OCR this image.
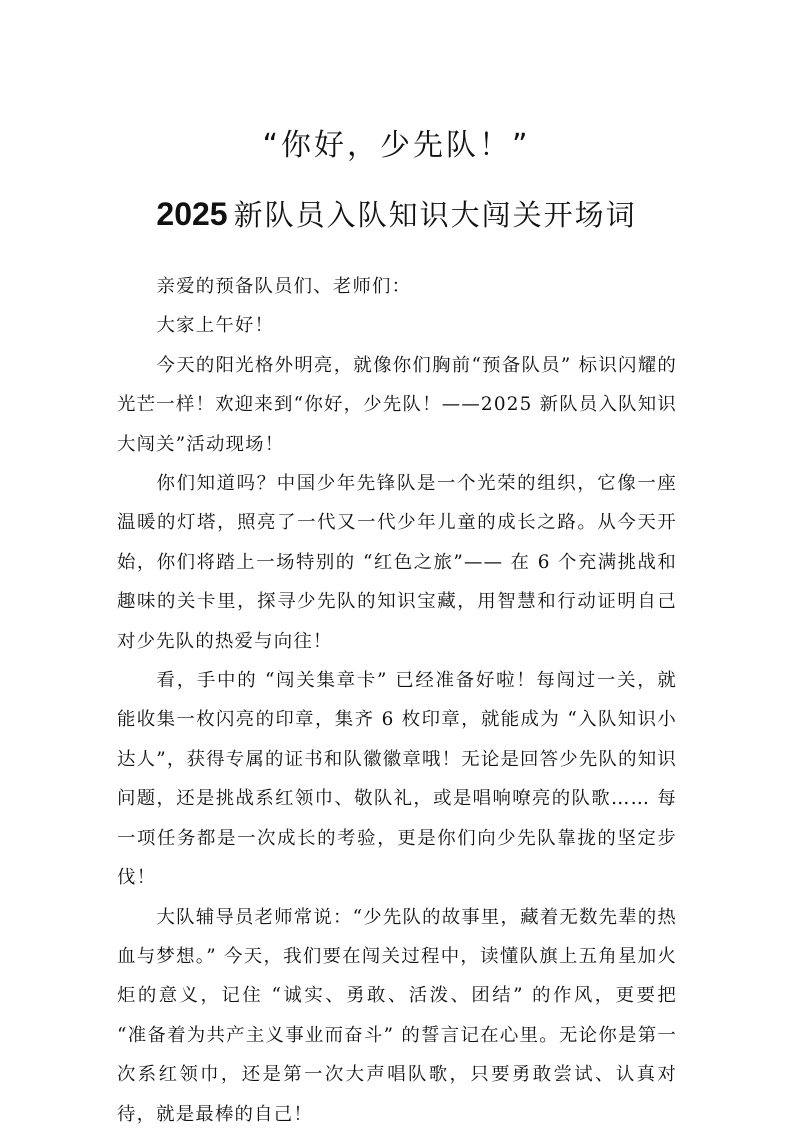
“你好，少先队！”
2025 新队员入队知识大闯关开场词

亲爱的预备队员们、老师们：

大家上午好！

今天的阳光格外明亮，就像你们胸前“预备队员” 标识闪耀的光芒一样！欢迎来到“你好，少先队！——2025 新队员入队知识大闯关”活动现场！

你们知道吗？中国少年先锋队是一个光荣的组织，它像一座温暖的灯塔，照亮了一代又一代少年儿童的成长之路。从今天开始，你们将踏上一场特别的 “红色之旅”—— 在 6 个充满挑战和趣味的关卡里，探寻少先队的知识宝藏，用智慧和行动证明自己对少先队的热爱与向往！

看，手中的 “闯关集章卡” 已经准备好啦！每闯过一关，就能收集一枚闪亮的印章，集齐 6 枚印章，就能成为 “入队知识小达人”，获得专属的证书和队徽徽章哦！无论是回答少先队的知识问题，还是挑战系红领巾、敬队礼，或是唱响嘹亮的队歌…… 每一项任务都是一次成长的考验，更是你们向少先队靠拢的坚定步伐！

大队辅导员老师常说：“少先队的故事里，藏着无数先辈的热血与梦想。” 今天，我们要在闯关过程中，读懂队旗上五角星加火炬的意义，记住 “诚实、勇敢、活泼、团结” 的作风，更要把 “准备着为共产主义事业而奋斗” 的誓言记在心里。无论你是第一次系红领巾，还是第一次大声唱队歌，只要勇敢尝试、认真对待，就是最棒的自己！
